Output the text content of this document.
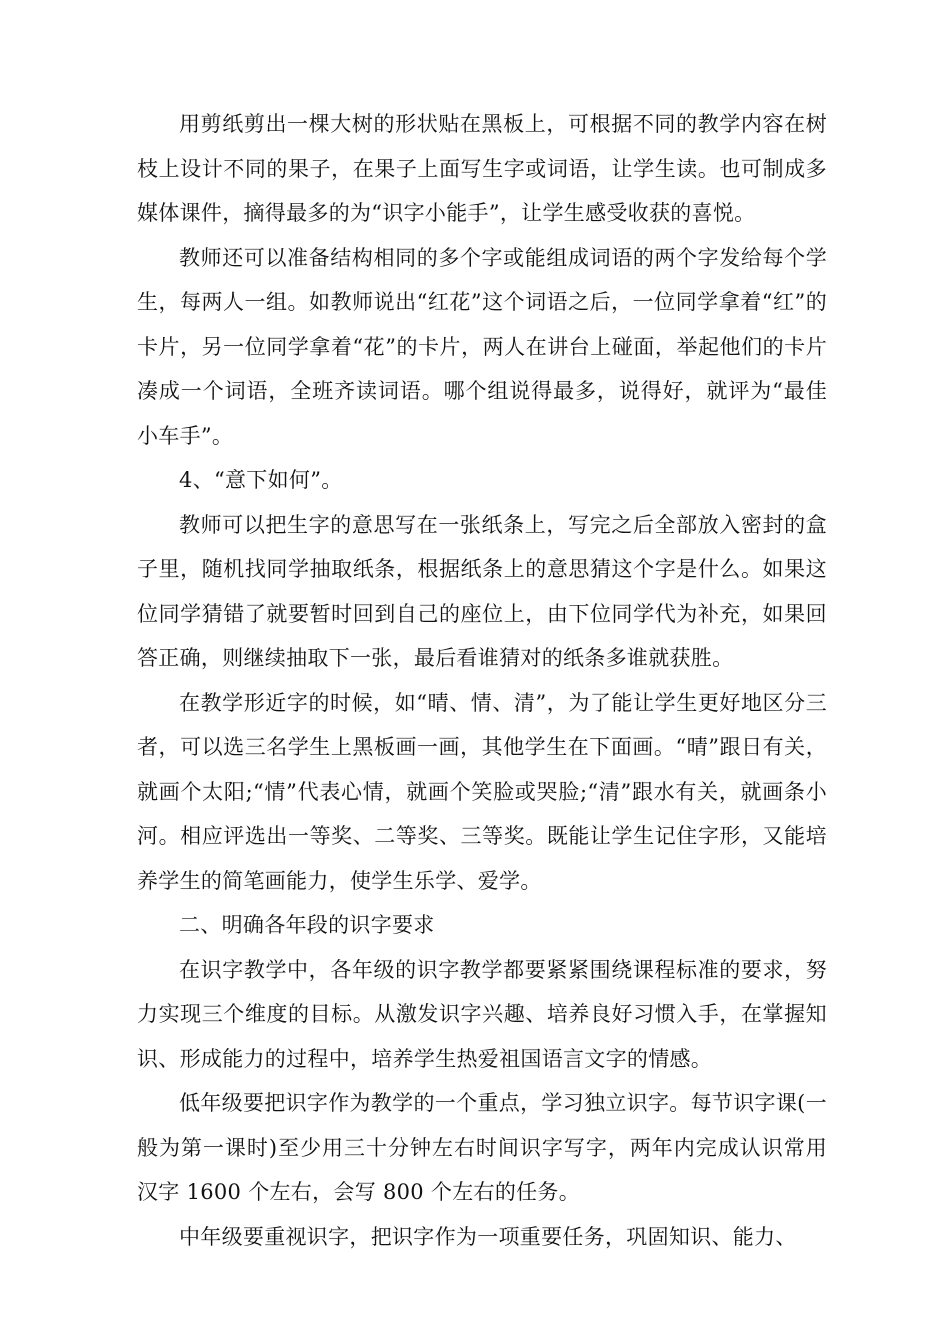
用剪纸剪出一棵大树的形状贴在黑板上，可根据不同的教学内容在树枝上设计不同的果子，在果子上面写生字或词语，让学生读。也可制成多媒体课件，摘得最多的为“识字小能手”，让学生感受收获的喜悦。

教师还可以准备结构相同的多个字或能组成词语的两个字发给每个学生，每两人一组。如教师说出“红花”这个词语之后，一位同学拿着“红”的卡片，另一位同学拿着“花”的卡片，两人在讲台上碰面，举起他们的卡片凑成一个词语，全班齐读词语。哪个组说得最多，说得好，就评为“最佳小车手”。

4、“意下如何”。

教师可以把生字的意思写在一张纸条上，写完之后全部放入密封的盒子里，随机找同学抽取纸条，根据纸条上的意思猜这个字是什么。如果这位同学猜错了就要暂时回到自己的座位上，由下位同学代为补充，如果回答正确，则继续抽取下一张，最后看谁猜对的纸条多谁就获胜。

在教学形近字的时候，如“晴、情、清”，为了能让学生更好地区分三者，可以选三名学生上黑板画一画，其他学生在下面画。“晴”跟日有关，就画个太阳;“情”代表心情，就画个笑脸或哭脸;“清”跟水有关，就画条小河。相应评选出一等奖、二等奖、三等奖。既能让学生记住字形，又能培养学生的简笔画能力，使学生乐学、爱学。

二、明确各年段的识字要求

在识字教学中，各年级的识字教学都要紧紧围绕课程标准的要求，努力实现三个维度的目标。从激发识字兴趣、培养良好习惯入手，在掌握知识、形成能力的过程中，培养学生热爱祖国语言文字的情感。

低年级要把识字作为教学的一个重点，学习独立识字。每节识字课(一般为第一课时)至少用三十分钟左右时间识字写字，两年内完成认识常用汉字 1600 个左右，会写 800 个左右的任务。

中年级要重视识字，把识字作为一项重要任务，巩固知识、能力、
